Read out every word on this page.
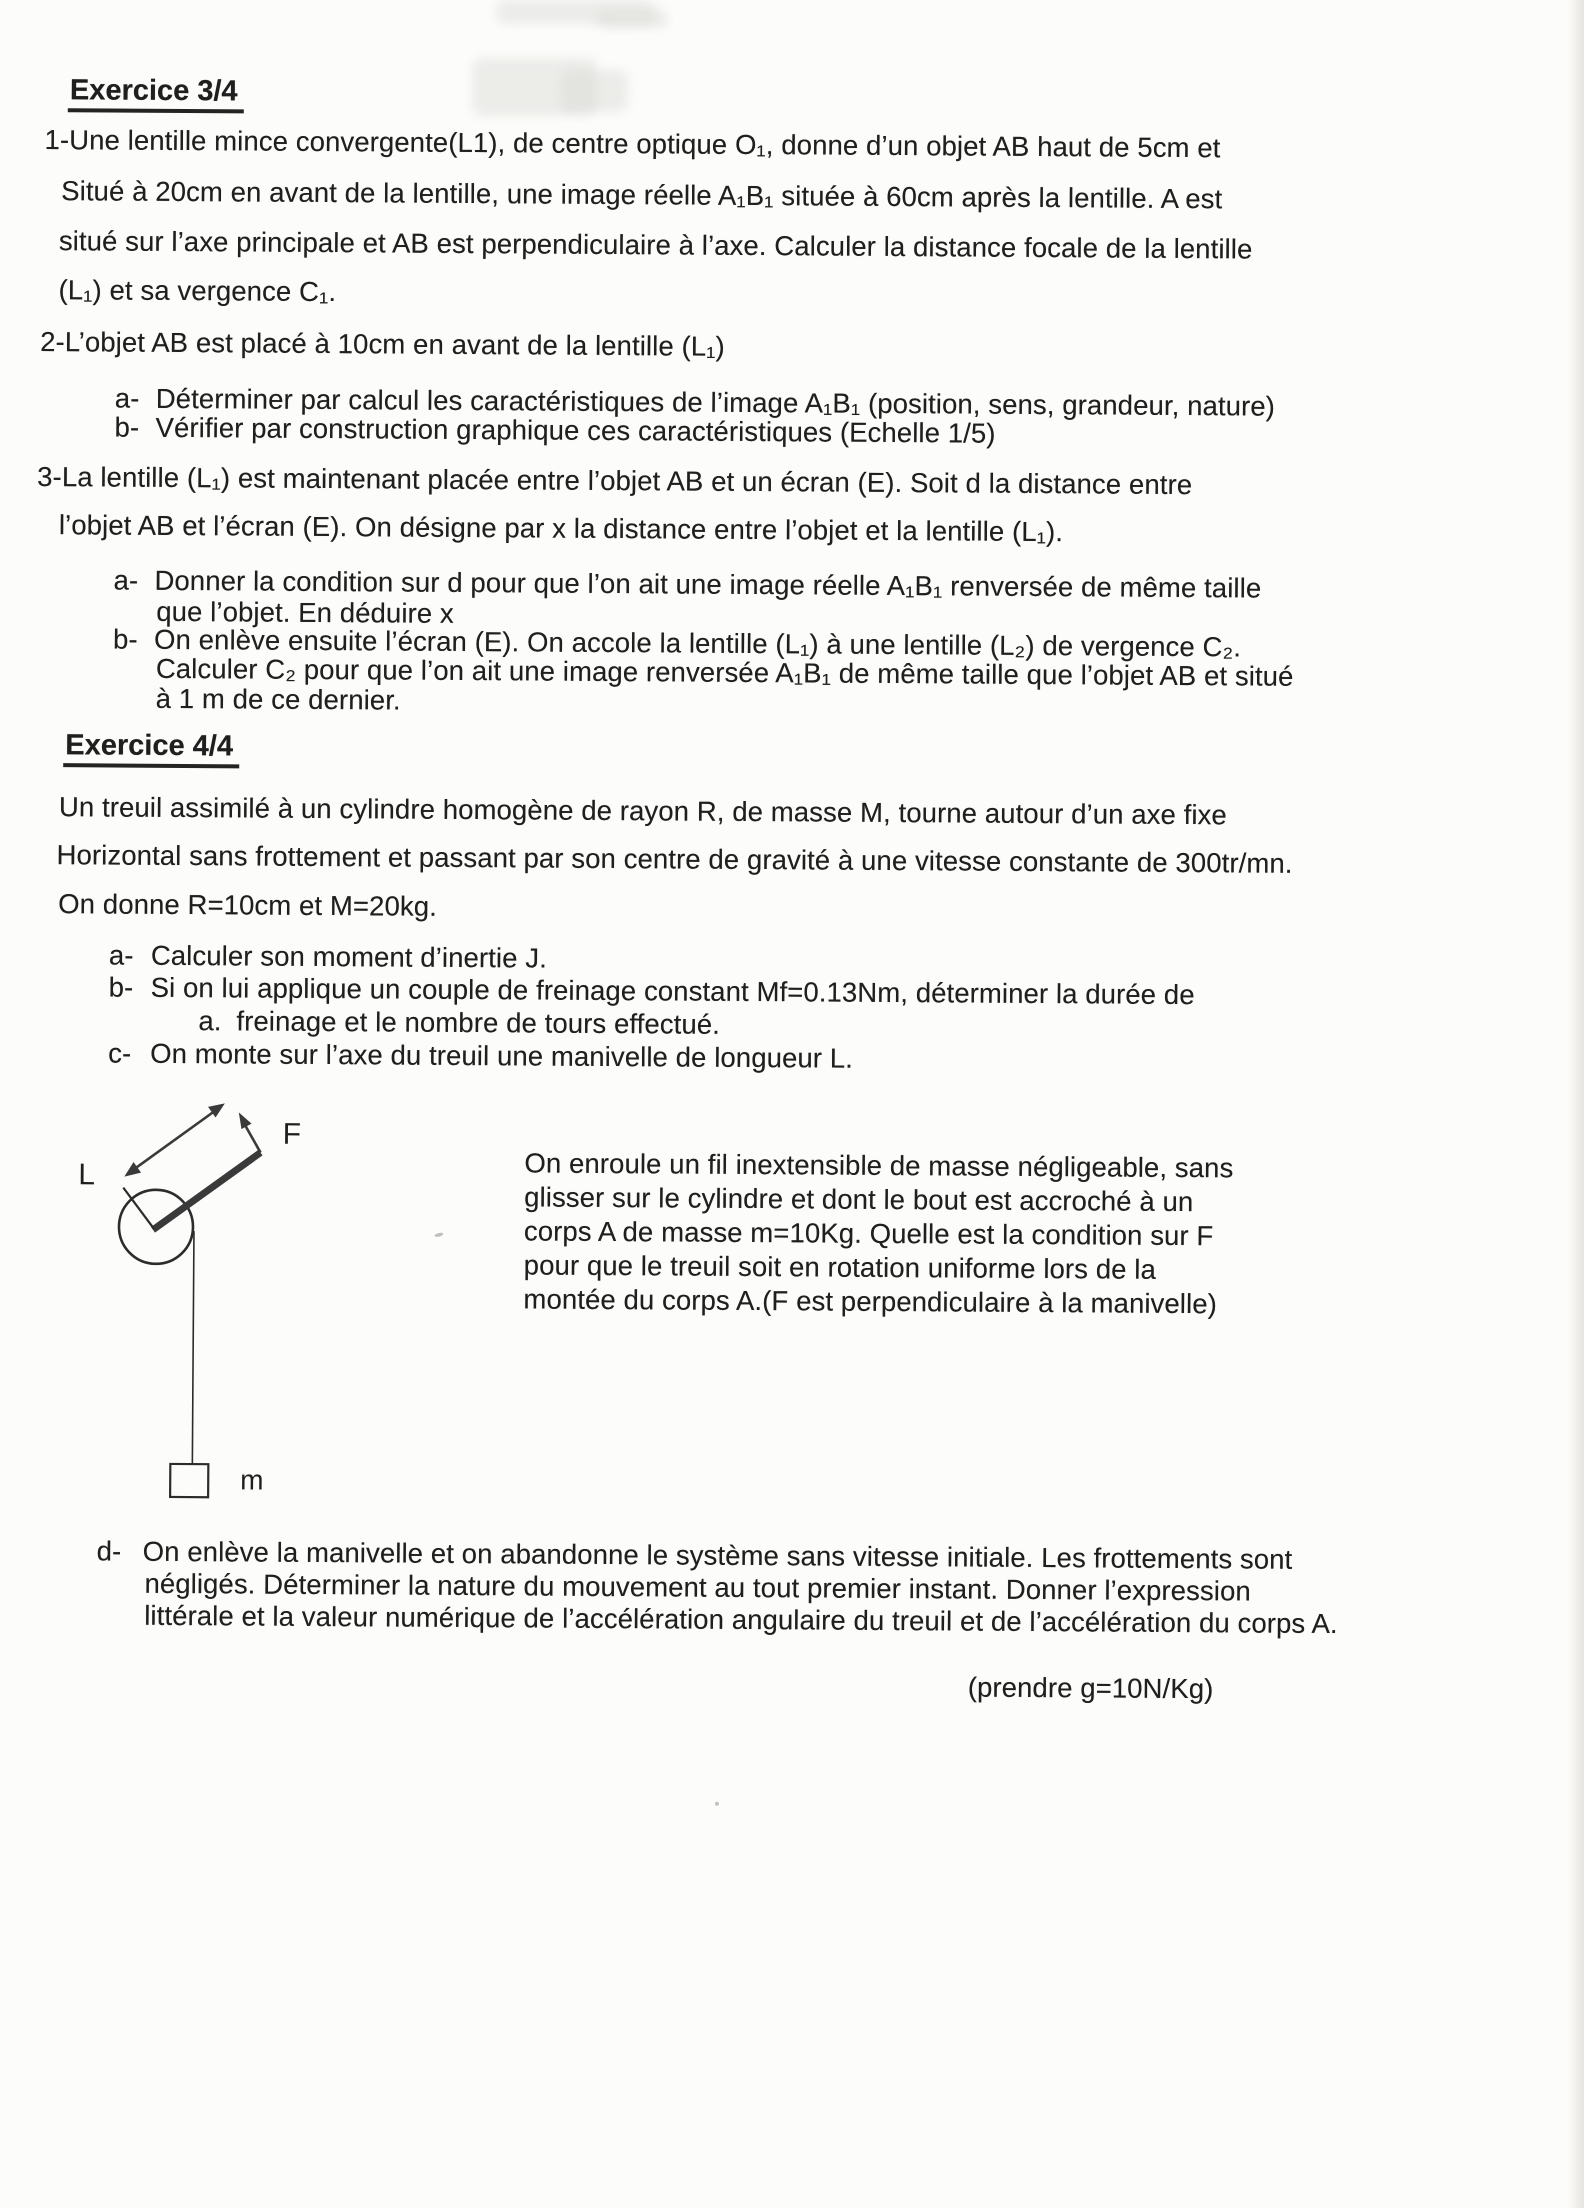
Exercice 3/4
1-Une lentille mince convergente(L1), de centre optique O₁, donne d’un objet AB haut de 5cm et
Situé à 20cm en avant de la lentille, une image réelle A₁B₁ située à 60cm après la lentille. A est
situé sur l’axe principale et AB est perpendiculaire à l’axe. Calculer la distance focale de la lentille
(L₁) et sa vergence C₁.
2-L’objet AB est placé à 10cm en avant de la lentille (L₁)
a- Déterminer par calcul les caractéristiques de l’image A₁B₁ (position, sens, grandeur, nature)
b- Vérifier par construction graphique ces caractéristiques (Echelle 1/5)
3-La lentille (L₁) est maintenant placée entre l’objet AB et un écran (E). Soit d la distance entre
l’objet AB et l’écran (E). On désigne par x la distance entre l’objet et la lentille (L₁).
a- Donner la condition sur d pour que l’on ait une image réelle A₁B₁ renversée de même taille
que l’objet. En déduire x
b- On enlève ensuite l’écran (E). On accole la lentille (L₁) à une lentille (L₂) de vergence C₂.
Calculer C₂ pour que l’on ait une image renversée A₁B₁ de même taille que l’objet AB et situé
à 1 m de ce dernier.
Exercice 4/4
Un treuil assimilé à un cylindre homogène de rayon R, de masse M, tourne autour d’un axe fixe
Horizontal sans frottement et passant par son centre de gravité à une vitesse constante de 300tr/mn.
On donne R=10cm et M=20kg.
a- Calculer son moment d’inertie J.
b- Si on lui applique un couple de freinage constant Mf=0.13Nm, déterminer la durée de
a. freinage et le nombre de tours effectué.
c- On monte sur l’axe du treuil une manivelle de longueur L.
L
F
m
On enroule un fil inextensible de masse négligeable, sans
glisser sur le cylindre et dont le bout est accroché à un
corps A de masse m=10Kg. Quelle est la condition sur F
pour que le treuil soit en rotation uniforme lors de la
montée du corps A.(F est perpendiculaire à la manivelle)
d- On enlève la manivelle et on abandonne le système sans vitesse initiale. Les frottements sont
négligés. Déterminer la nature du mouvement au tout premier instant. Donner l’expression
littérale et la valeur numérique de l’accélération angulaire du treuil et de l’accélération du corps A.
(prendre g=10N/Kg)
